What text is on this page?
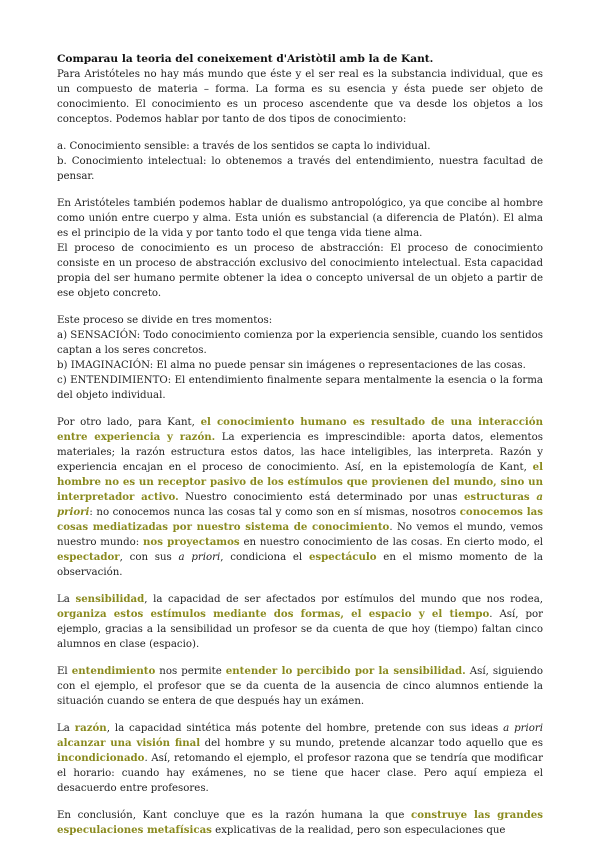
Comparau la teoria del coneixement d'Aristòtil amb la de Kant.

Para Aristóteles no hay más mundo que éste y el ser real es la substancia individual, que es un compuesto de materia – forma. La forma es su esencia y ésta puede ser objeto de conocimiento. El conocimiento es un proceso ascendente que va desde los objetos a los conceptos. Podemos hablar por tanto de dos tipos de conocimiento:

a. Conocimiento sensible: a través de los sentidos se capta lo individual.

b. Conocimiento intelectual: lo obtenemos a través del entendimiento, nuestra facultad de pensar.

En Aristóteles también podemos hablar de dualismo antropológico, ya que concibe al hombre como unión entre cuerpo y alma. Esta unión es substancial (a diferencia de Platón). El alma es el principio de la vida y por tanto todo el que tenga vida tiene alma.

El proceso de conocimiento es un proceso de abstracción: El proceso de conocimiento consiste en un proceso de abstracción exclusivo del conocimiento intelectual. Esta capacidad propia del ser humano permite obtener la idea o concepto universal de un objeto a partir de ese objeto concreto.

Este proceso se divide en tres momentos:

a) SENSACIÓN: Todo conocimiento comienza por la experiencia sensible, cuando los sentidos captan a los seres concretos.

b) IMAGINACIÓN: El alma no puede pensar sin imágenes o representaciones de las cosas.

c) ENTENDIMIENTO: El entendimiento finalmente separa mentalmente la esencia o la forma del objeto individual.

Por otro lado, para Kant, el conocimiento humano es resultado de una interacción entre experiencia y razón. La experiencia es imprescindible: aporta datos, elementos materiales; la razón estructura estos datos, las hace inteligibles, las interpreta. Razón y experiencia encajan en el proceso de conocimiento. Así, en la epistemología de Kant, el hombre no es un receptor pasivo de los estímulos que provienen del mundo, sino un interpretador activo. Nuestro conocimiento está determinado por unas estructuras a priori: no conocemos nunca las cosas tal y como son en sí mismas, nosotros conocemos las cosas mediatizadas por nuestro sistema de conocimiento. No vemos el mundo, vemos nuestro mundo: nos proyectamos en nuestro conocimiento de las cosas. En cierto modo, el espectador, con sus a priori, condiciona el espectáculo en el mismo momento de la observación.

La sensibilidad, la capacidad de ser afectados por estímulos del mundo que nos rodea, organiza estos estímulos mediante dos formas, el espacio y el tiempo. Así, por ejemplo, gracias a la sensibilidad un profesor se da cuenta de que hoy (tiempo) faltan cinco alumnos en clase (espacio).

El entendimiento nos permite entender lo percibido por la sensibilidad. Así, siguiendo con el ejemplo, el profesor que se da cuenta de la ausencia de cinco alumnos entiende la situación cuando se entera de que después hay un exámen.

La razón, la capacidad sintética más potente del hombre, pretende con sus ideas a priori alcanzar una visión final del hombre y su mundo, pretende alcanzar todo aquello que es incondicionado. Así, retomando el ejemplo, el profesor razona que se tendría que modificar el horario: cuando hay exámenes, no se tiene que hacer clase. Pero aquí empieza el desacuerdo entre profesores.

En conclusión, Kant concluye que es la razón humana la que construye las grandes especulaciones metafísicas explicativas de la realidad, pero son especulaciones que
